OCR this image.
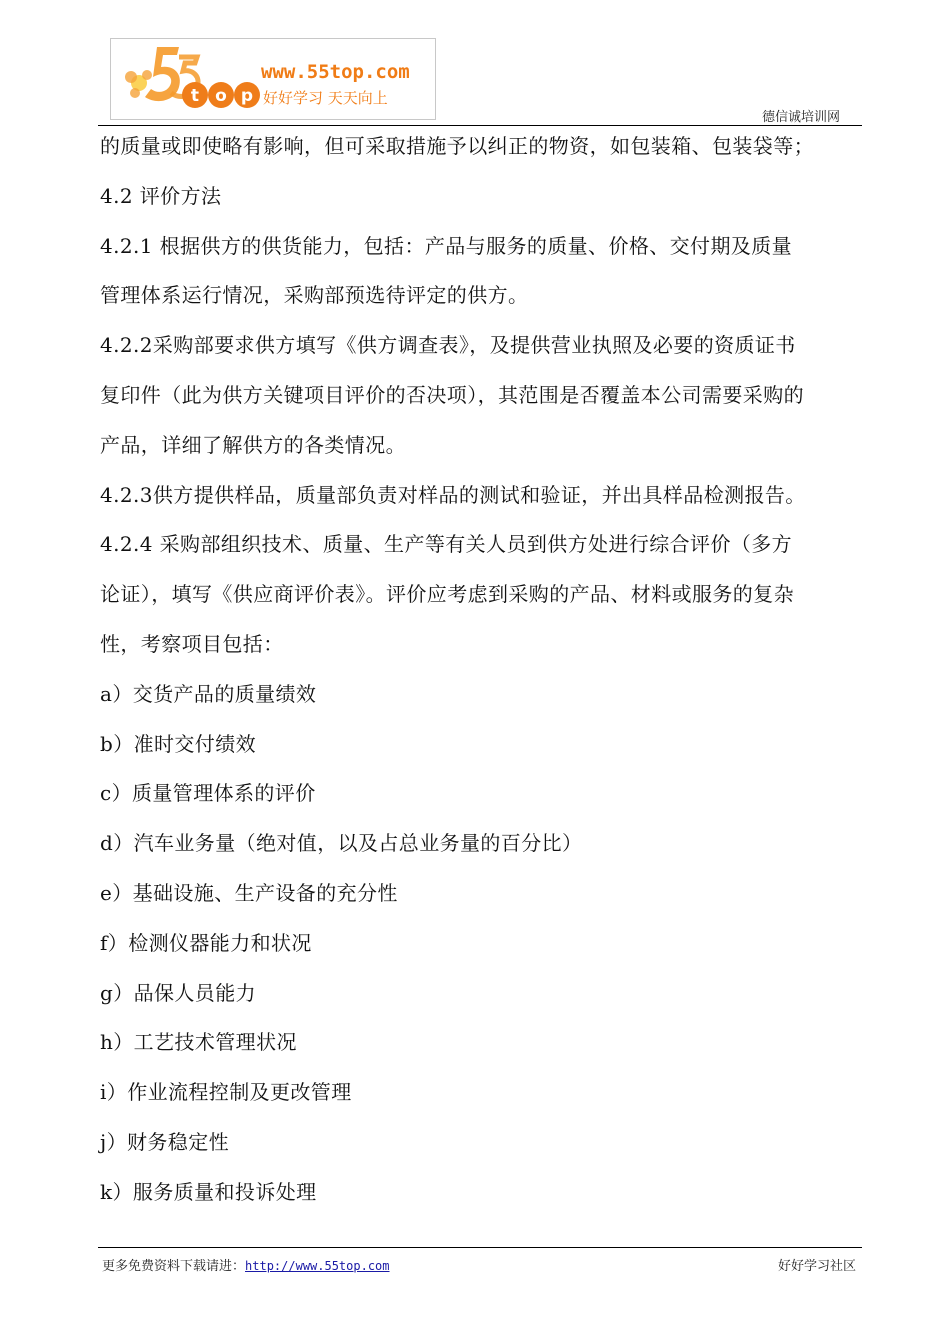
t o p
www.55top.com
好好学习 天天向上
德信诚培训网
的质量或即使略有影响，但可采取措施予以纠正的物资，如包装箱、包装袋等；
4.2 评价方法
4.2.1 根据供方的供货能力，包括：产品与服务的质量、价格、交付期及质量
管理体系运行情况，采购部预选待评定的供方。
4.2.2采购部要求供方填写《供方调查表》，及提供营业执照及必要的资质证书
复印件（此为供方关键项目评价的否决项），其范围是否覆盖本公司需要采购的
产品，详细了解供方的各类情况。
4.2.3供方提供样品，质量部负责对样品的测试和验证，并出具样品检测报告。
4.2.4 采购部组织技术、质量、生产等有关人员到供方处进行综合评价（多方
论证），填写《供应商评价表》。评价应考虑到采购的产品、材料或服务的复杂
性，考察项目包括：
a）交货产品的质量绩效
b）准时交付绩效
c）质量管理体系的评价
d）汽车业务量（绝对值，以及占总业务量的百分比）
e）基础设施、生产设备的充分性
f）检测仪器能力和状况
g）品保人员能力
h）工艺技术管理状况
i）作业流程控制及更改管理
j）财务稳定性
k）服务质量和投诉处理
更多免费资料下载请进：http://www.55top.com	好好学习社区
